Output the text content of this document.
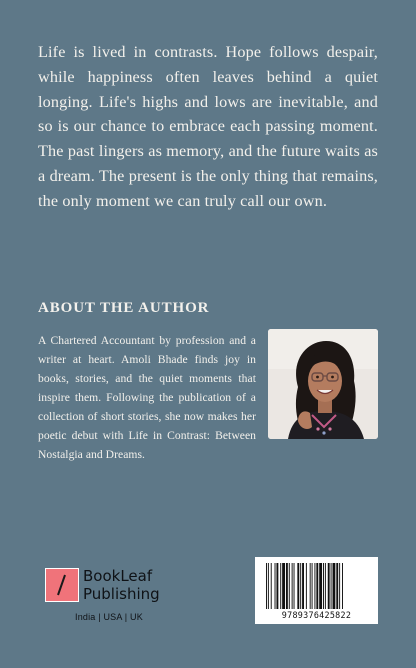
Life is lived in contrasts. Hope follows despair, while happiness often leaves behind a quiet longing. Life's highs and lows are inevitable, and so is our chance to embrace each passing moment. The past lingers as memory, and the future waits as a dream. The present is the only thing that remains, the only moment we can truly call our own.
ABOUT THE AUTHOR
A Chartered Accountant by profession and a writer at heart. Amoli Bhade finds joy in books, stories, and the quiet moments that inspire them. Following the publication of a collection of short stories, she now makes her poetic debut with Life in Contrast: Between Nostalgia and Dreams.
BookLeaf
Publishing
India | USA | UK	9789376425822
